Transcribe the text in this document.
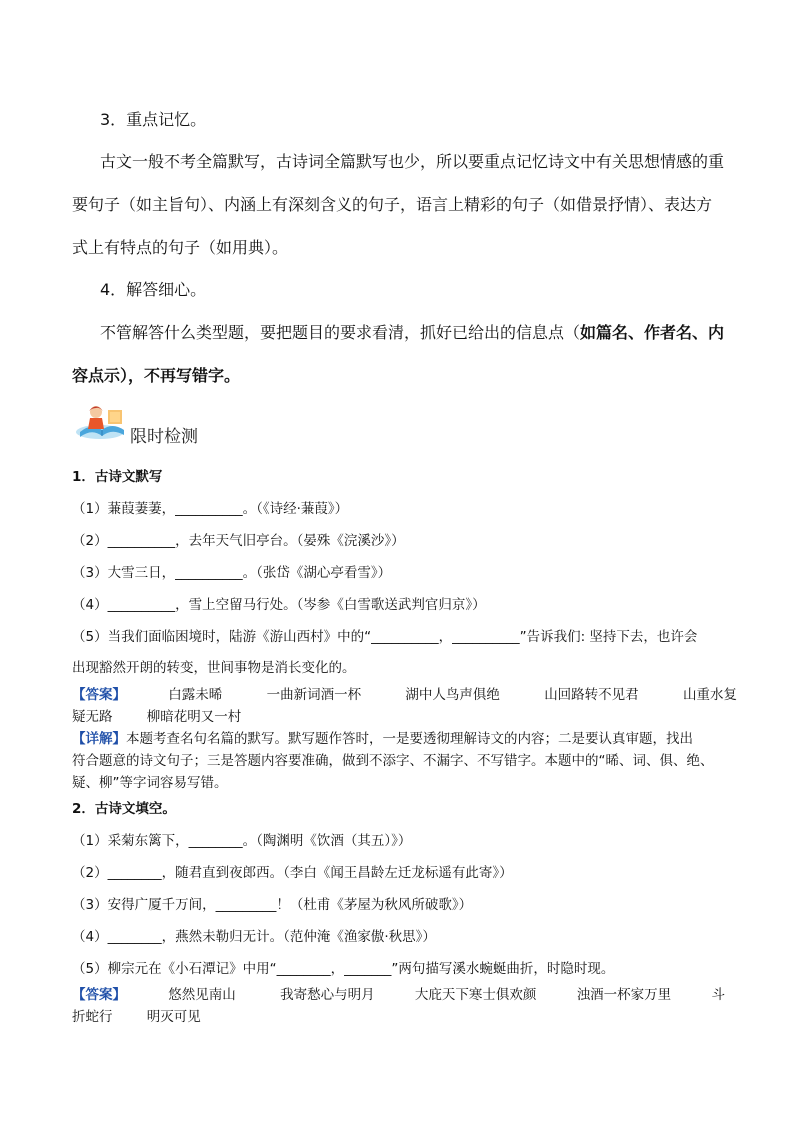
3．重点记忆。
古文一般不考全篇默写，古诗词全篇默写也少，所以要重点记忆诗文中有关思想情感的重
要句子（如主旨句）、内涵上有深刻含义的句子，语言上精彩的句子（如借景抒情）、表达方
式上有特点的句子（如用典）。
4．解答细心。
不管解答什么类型题，要把题目的要求看清，抓好已给出的信息点（如篇名、作者名、内
容点示），不再写错字。
限时检测
1．古诗文默写
（1）蒹葭萋萋，__________。（《诗经·蒹葭》）
（2）__________，去年天气旧亭台。（晏殊《浣溪沙》）
（3）大雪三日，__________。（张岱《湖心亭看雪》）
（4）__________，雪上空留马行处。（岑参《白雪歌送武判官归京》）
（5）当我们面临困境时，陆游《游山西村》中的“__________，__________”告诉我们: 坚持下去，也许会
出现豁然开朗的转变，世间事物是消长变化的。
【答案】	白露未晞	一曲新词酒一杯	湖中人鸟声俱绝	山回路转不见君	山重水复
疑无路	柳暗花明又一村
【详解】本题考查名句名篇的默写。默写题作答时，一是要透彻理解诗文的内容；二是要认真审题，找出
符合题意的诗文句子；三是答题内容要准确，做到不添字、不漏字、不写错字。本题中的“晞、词、俱、绝、
疑、柳”等字词容易写错。
2．古诗文填空。
（1）采菊东篱下，________。（陶渊明《饮酒（其五）》）
（2）________，随君直到夜郎西。（李白《闻王昌龄左迁龙标遥有此寄》）
（3）安得广厦千万间，_________！（杜甫《茅屋为秋风所破歌》）
（4）________，燕然未勒归无计。（范仲淹《渔家傲·秋思》）
（5）柳宗元在《小石潭记》中用“________，_______”两句描写溪水蜿蜒曲折，时隐时现。
【答案】	悠然见南山	我寄愁心与明月	大庇天下寒士俱欢颜	浊酒一杯家万里	斗
折蛇行	明灭可见
